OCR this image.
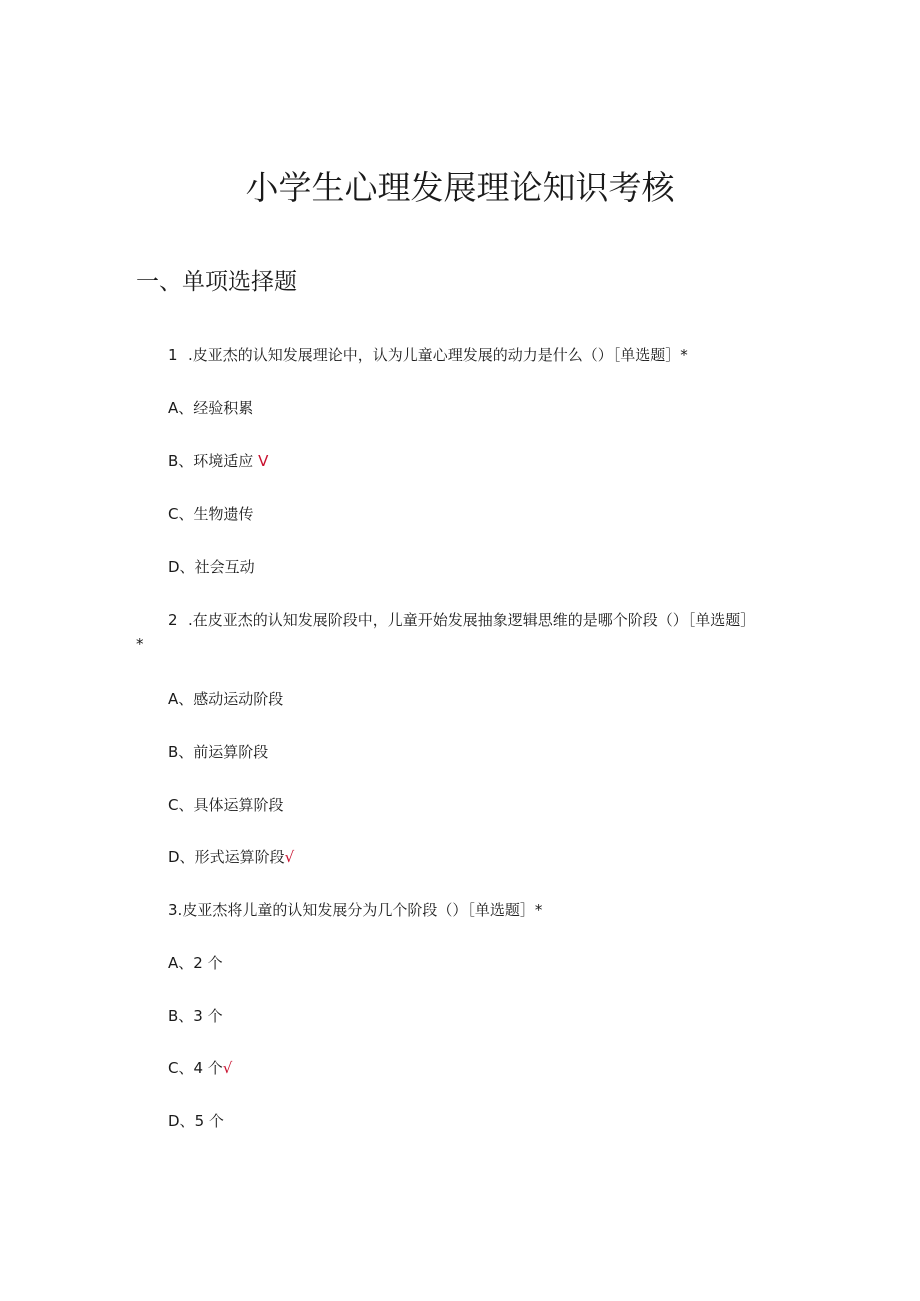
小学生心理发展理论知识考核
一、单项选择题
1 .皮亚杰的认知发展理论中，认为儿童心理发展的动力是什么（）［单选题］*
A、经验积累
B、环境适应 V
C、生物遗传
D、社会互动
2 .在皮亚杰的认知发展阶段中，儿童开始发展抽象逻辑思维的是哪个阶段（）［单选题］
*
A、感动运动阶段
B、前运算阶段
C、具体运算阶段
D、形式运算阶段√
3.皮亚杰将儿童的认知发展分为几个阶段（）［单选题］*
A、2 个
B、3 个
C、4 个√
D、5 个
